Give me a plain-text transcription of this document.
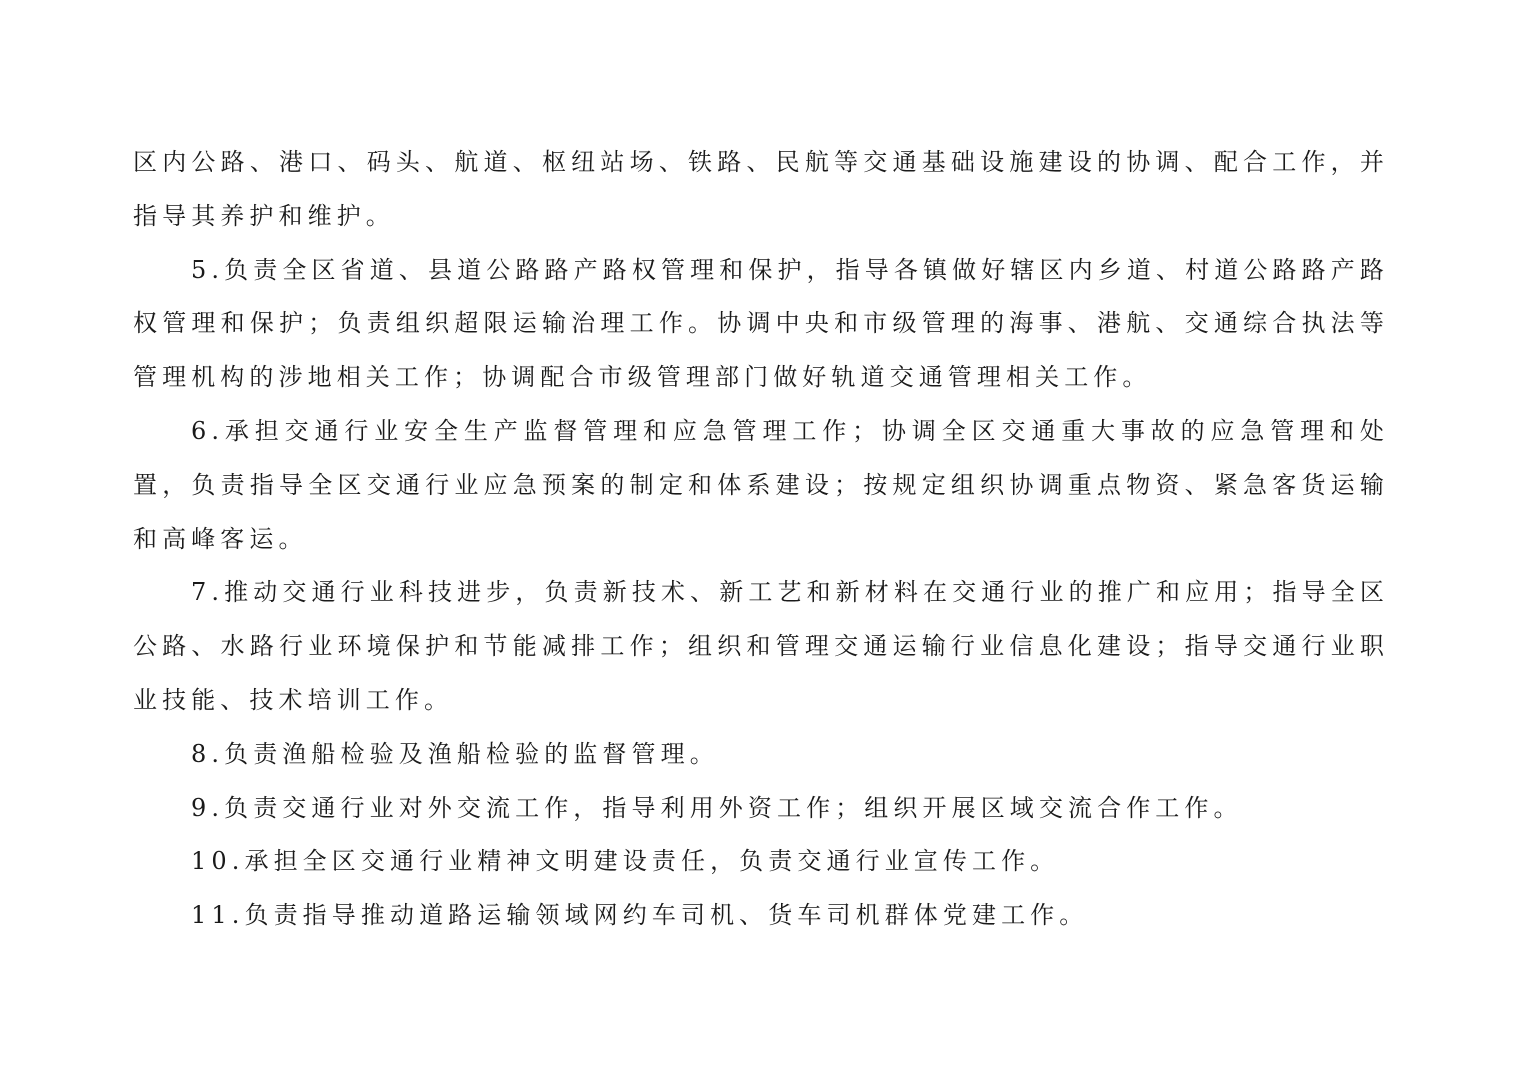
区内公路、港口、码头、航道、枢纽站场、铁路、民航等交通基础设施建设的协调、配合工作，并指导其养护和维护。

5.负责全区省道、县道公路路产路权管理和保护，指导各镇做好辖区内乡道、村道公路路产路权管理和保护；负责组织超限运输治理工作。协调中央和市级管理的海事、港航、交通综合执法等管理机构的涉地相关工作；协调配合市级管理部门做好轨道交通管理相关工作。

6.承担交通行业安全生产监督管理和应急管理工作；协调全区交通重大事故的应急管理和处置，负责指导全区交通行业应急预案的制定和体系建设；按规定组织协调重点物资、紧急客货运输和高峰客运。

7.推动交通行业科技进步，负责新技术、新工艺和新材料在交通行业的推广和应用；指导全区公路、水路行业环境保护和节能减排工作；组织和管理交通运输行业信息化建设；指导交通行业职业技能、技术培训工作。

8.负责渔船检验及渔船检验的监督管理。

9.负责交通行业对外交流工作，指导利用外资工作；组织开展区域交流合作工作。

10.承担全区交通行业精神文明建设责任，负责交通行业宣传工作。

11.负责指导推动道路运输领域网约车司机、货车司机群体党建工作。
